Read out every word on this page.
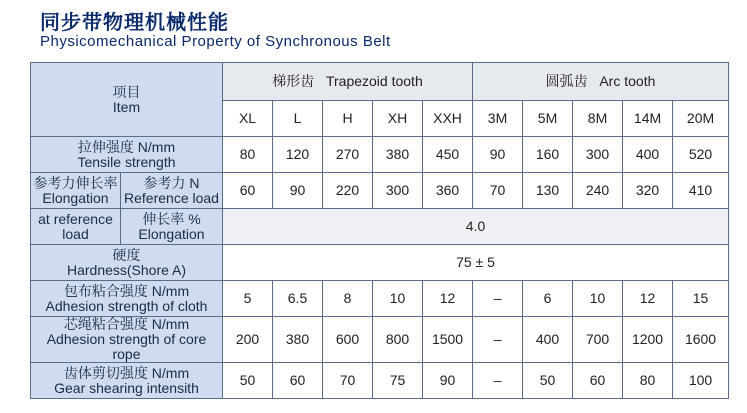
同步带物理机械性能
Physicomechanical Property of Synchronous Belt
项目
Item		梯形齿   Trapezoid tooth					圆弧齿   Arc tooth				
		XL	L	H	XH	XXH	3M	5M	8M	14M	20M

拉伸强度 N/mm
Tensile strength		80	120	270	380	450	90	160	300	400	520

参考力伸长率
Elongation	参考力 N
Reference load	60	90	220	300	360	70	130	240	320	410

at reference
load	伸长率 %
Elongation	4.0									

硬度
Hardness(Shore A)		75 ± 5									

包布粘合强度 N/mm
Adhesion strength of cloth		5	6.5	8	10	12	–	6	10	12	15

芯绳粘合强度 N/mm
Adhesion strength of core rope		200	380	600	800	1500	–	400	700	1200	1600

齿体剪切强度 N/mm
Gear shearing intensith		50	60	70	75	90	–	50	60	80	100
